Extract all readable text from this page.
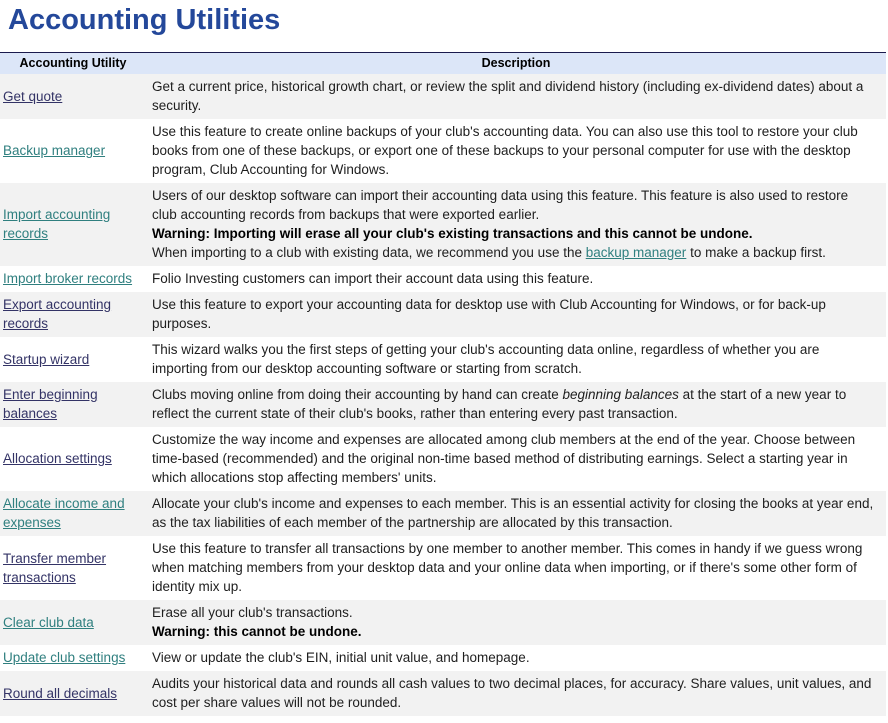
Accounting Utilities
Accounting Utility	Description
Get quote	Get a current price, historical growth chart, or review the split and dividend history (including ex-dividend dates) about a security.
Backup manager	Use this feature to create online backups of your club's accounting data. You can also use this tool to restore your club books from one of these backups, or export one of these backups to your personal computer for use with the desktop program, Club Accounting for Windows.
Import accounting records	Users of our desktop software can import their accounting data using this feature. This feature is also used to restore club accounting records from backups that were exported earlier.
Warning: Importing will erase all your club's existing transactions and this cannot be undone.
When importing to a club with existing data, we recommend you use the backup manager to make a backup first.
Import broker records	Folio Investing customers can import their account data using this feature.
Export accounting records	Use this feature to export your accounting data for desktop use with Club Accounting for Windows, or for back-up purposes.
Startup wizard	This wizard walks you the first steps of getting your club's accounting data online, regardless of whether you are importing from our desktop accounting software or starting from scratch.
Enter beginning balances	Clubs moving online from doing their accounting by hand can create beginning balances at the start of a new year to reflect the current state of their club's books, rather than entering every past transaction.
Allocation settings	Customize the way income and expenses are allocated among club members at the end of the year. Choose between time-based (recommended) and the original non-time based method of distributing earnings. Select a starting year in which allocations stop affecting members' units.
Allocate income and expenses	Allocate your club's income and expenses to each member. This is an essential activity for closing the books at year end, as the tax liabilities of each member of the partnership are allocated by this transaction.
Transfer member transactions	Use this feature to transfer all transactions by one member to another member. This comes in handy if we guess wrong when matching members from your desktop data and your online data when importing, or if there's some other form of identity mix up.
Clear club data	Erase all your club's transactions.
Warning: this cannot be undone.
Update club settings	View or update the club's EIN, initial unit value, and homepage.
Round all decimals	Audits your historical data and rounds all cash values to two decimal places, for accuracy. Share values, unit values, and cost per share values will not be rounded.
